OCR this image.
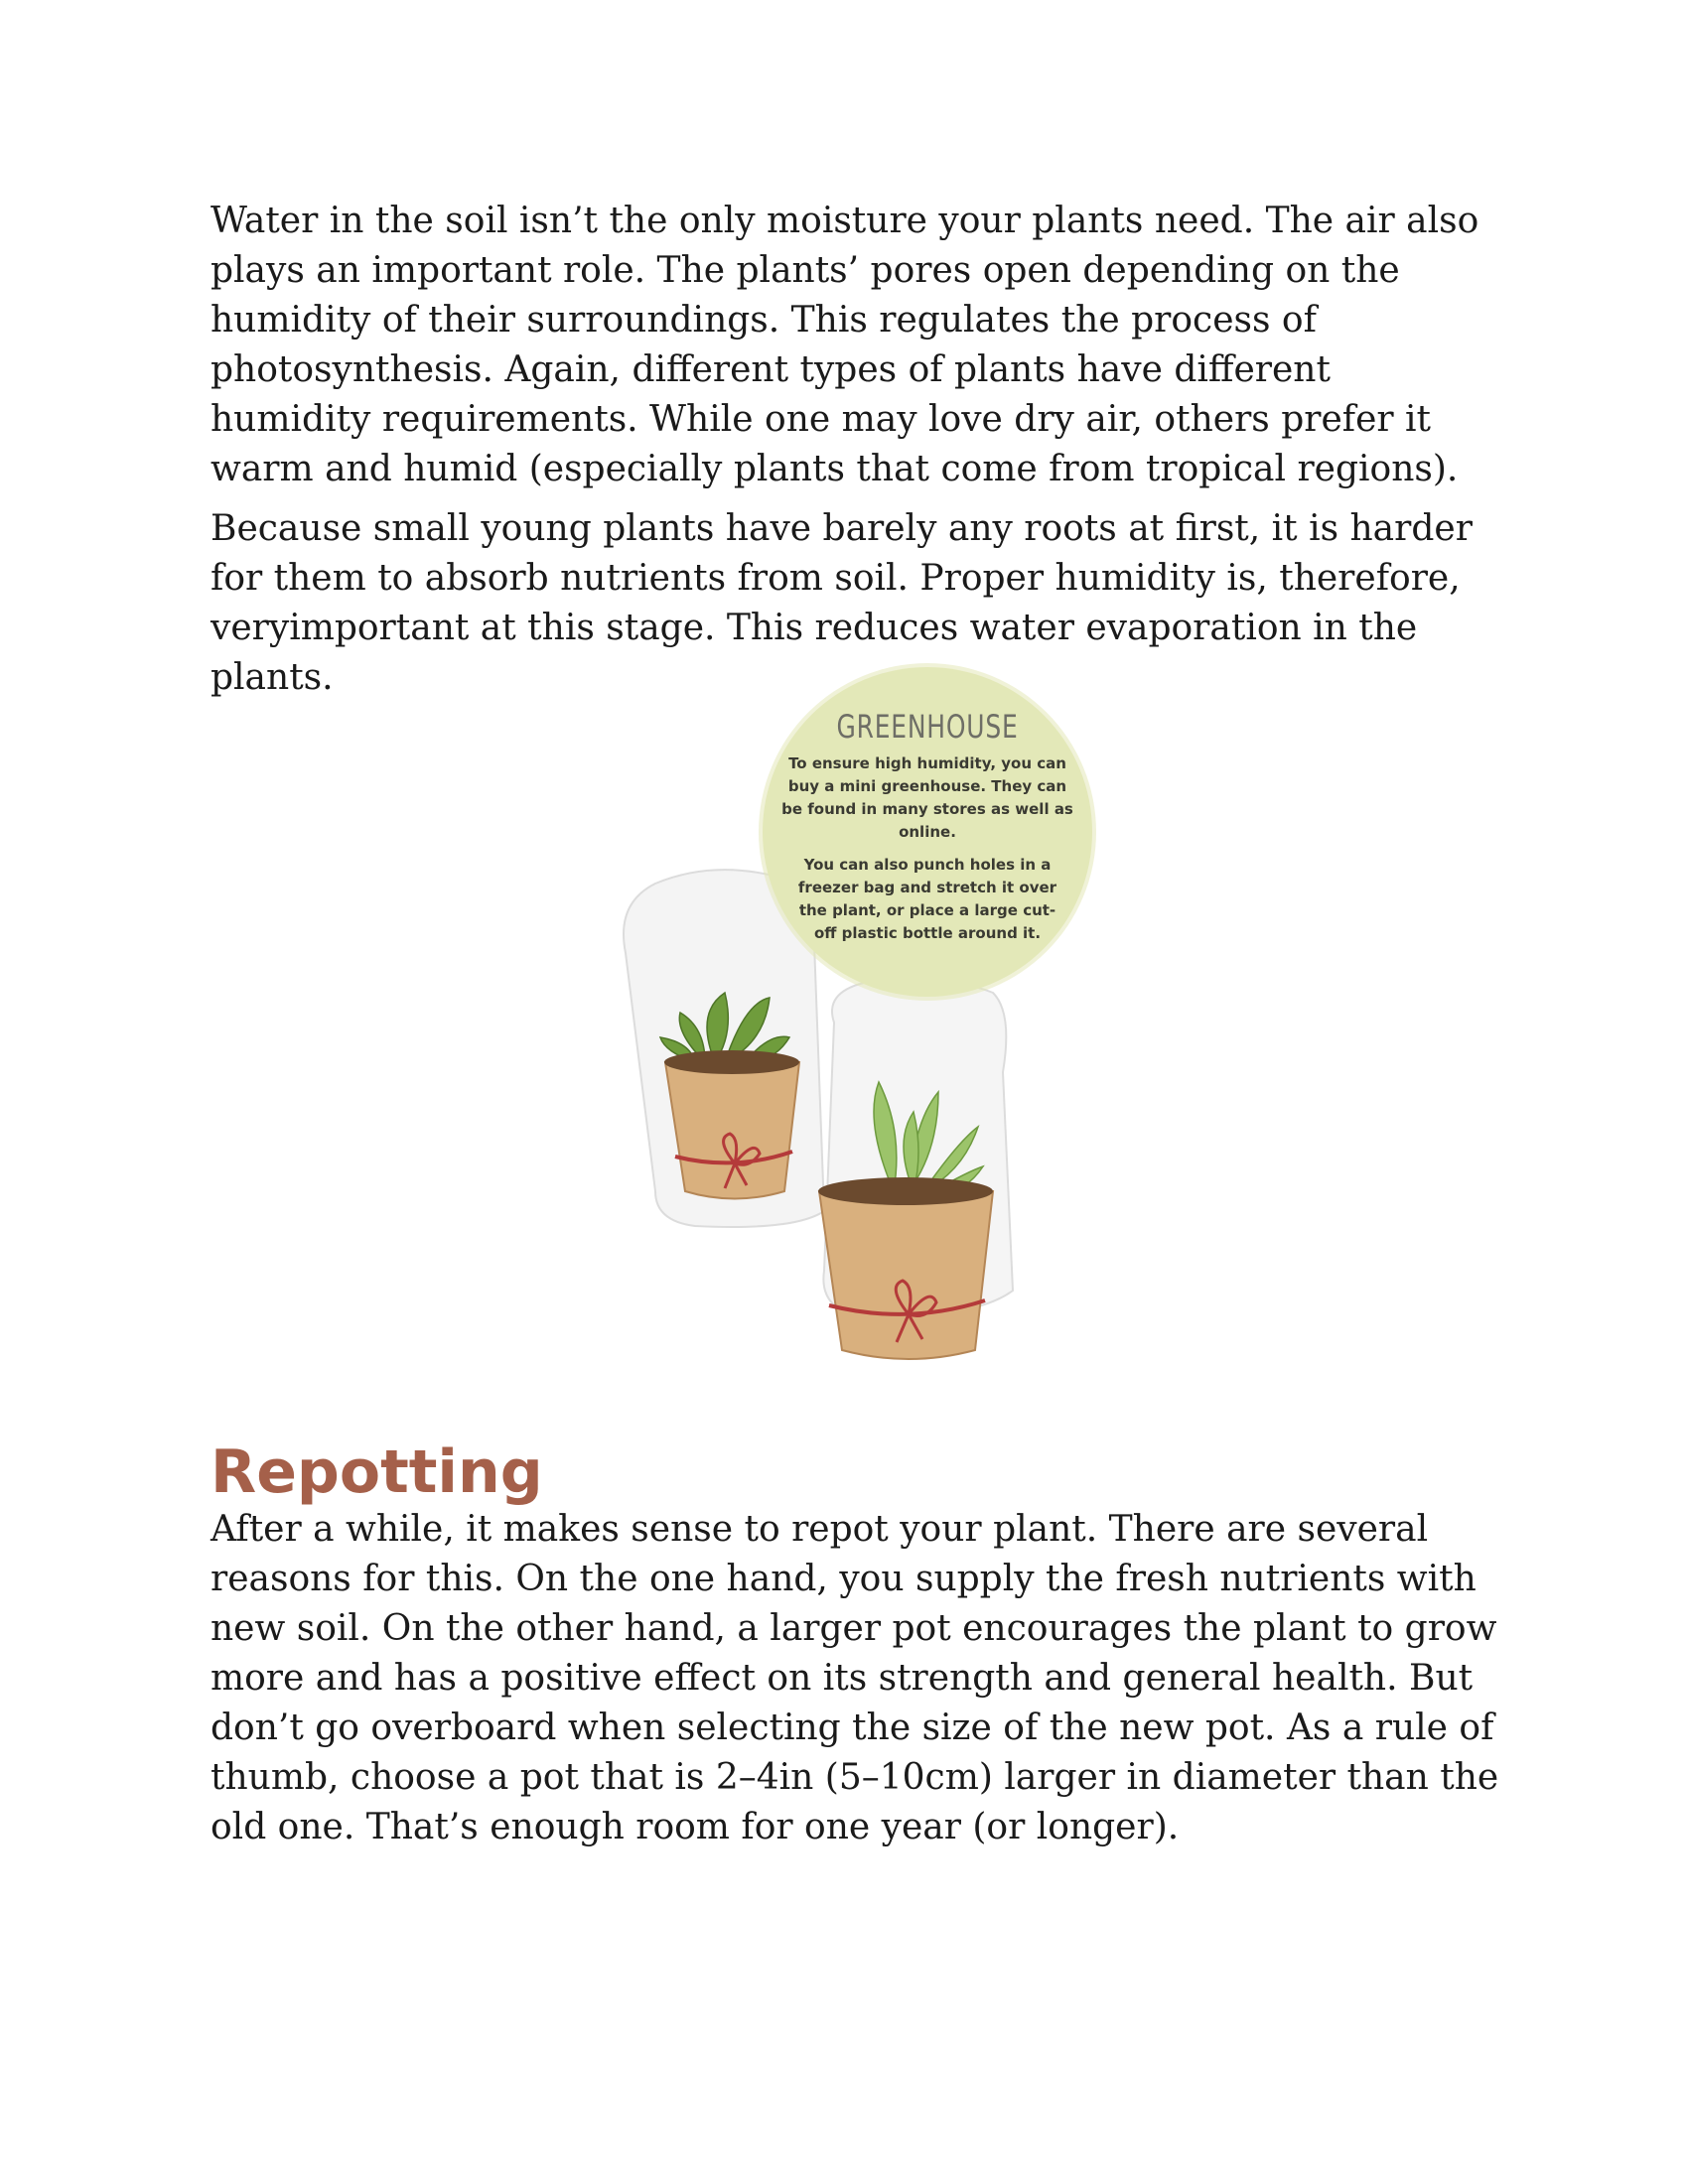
Water in the soil isn’t the only moisture your plants need. The air also plays an important role. The plants’ pores open depending on the humidity of their surroundings. This regulates the process of photosynthesis. Again, different types of plants have different humidity requirements. While one may love dry air, others prefer it warm and humid (especially plants that come from tropical regions).

Because small young plants have barely any roots at first, it is harder for them to absorb nutrients from soil. Proper humidity is, therefore, veryimportant at this stage. This reduces water evaporation in the plants.

GREENHOUSE
To ensure high humidity, you can buy a mini greenhouse. They can be found in many stores as well as online.
You can also punch holes in a freezer bag and stretch it over the plant, or place a large cut-off plastic bottle around it.
Repotting

After a while, it makes sense to repot your plant. There are several reasons for this. On the one hand, you supply the fresh nutrients with new soil. On the other hand, a larger pot encourages the plant to grow more and has a positive effect on its strength and general health. But don’t go overboard when selecting the size of the new pot. As a rule of thumb, choose a pot that is 2–4in (5–10cm) larger in diameter than the old one. That’s enough room for one year (or longer).
